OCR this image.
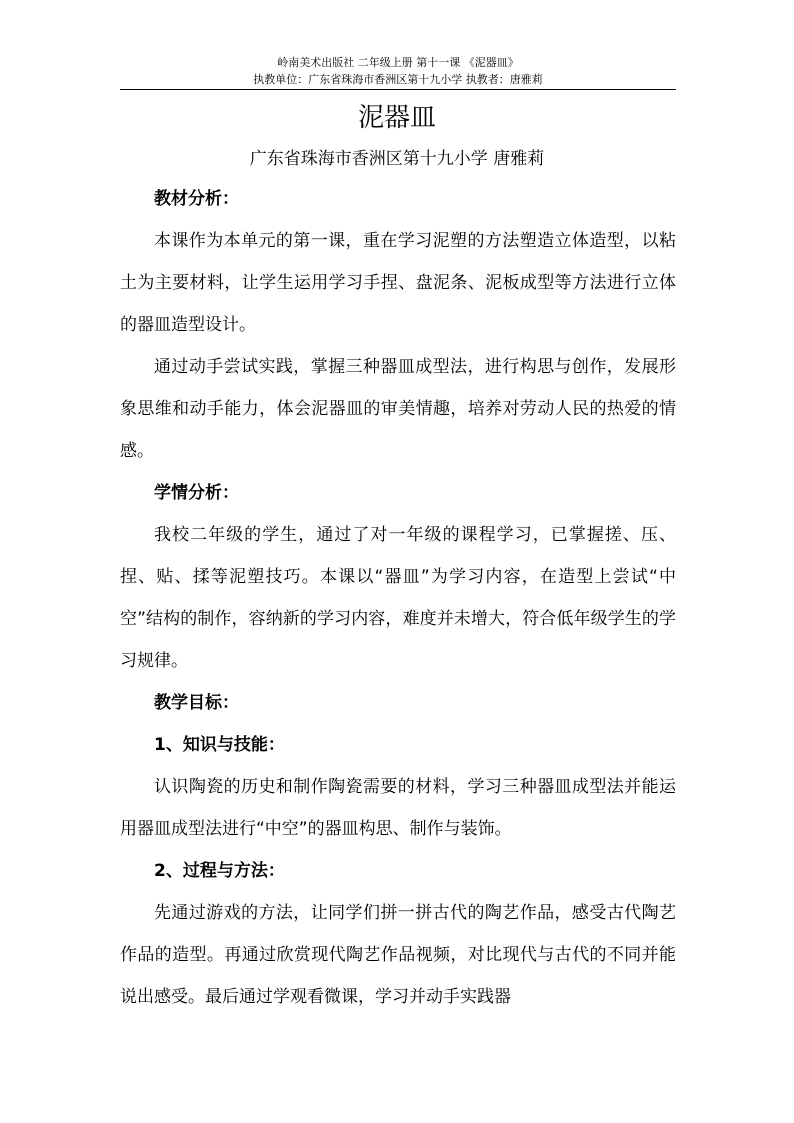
岭南美术出版社 二年级上册 第十一课 《泥器皿》
执教单位：广东省珠海市香洲区第十九小学 执教者：唐雅莉
泥器皿
广东省珠海市香洲区第十九小学 唐雅莉

教材分析：

本课作为本单元的第一课，重在学习泥塑的方法塑造立体造型，以粘土为主要材料，让学生运用学习手捏、盘泥条、泥板成型等方法进行立体的器皿造型设计。

通过动手尝试实践，掌握三种器皿成型法，进行构思与创作，发展形象思维和动手能力，体会泥器皿的审美情趣，培养对劳动人民的热爱的情感。

学情分析：

我校二年级的学生，通过了对一年级的课程学习，已掌握搓、压、捏、贴、揉等泥塑技巧。本课以“器皿”为学习内容，在造型上尝试“中空”结构的制作，容纳新的学习内容，难度并未增大，符合低年级学生的学习规律。

教学目标：

1、知识与技能：

认识陶瓷的历史和制作陶瓷需要的材料，学习三种器皿成型法并能运用器皿成型法进行“中空”的器皿构思、制作与装饰。

2、过程与方法：

先通过游戏的方法，让同学们拼一拼古代的陶艺作品，感受古代陶艺作品的造型。再通过欣赏现代陶艺作品视频，对比现代与古代的不同并能说出感受。最后通过学观看微课，学习并动手实践器
